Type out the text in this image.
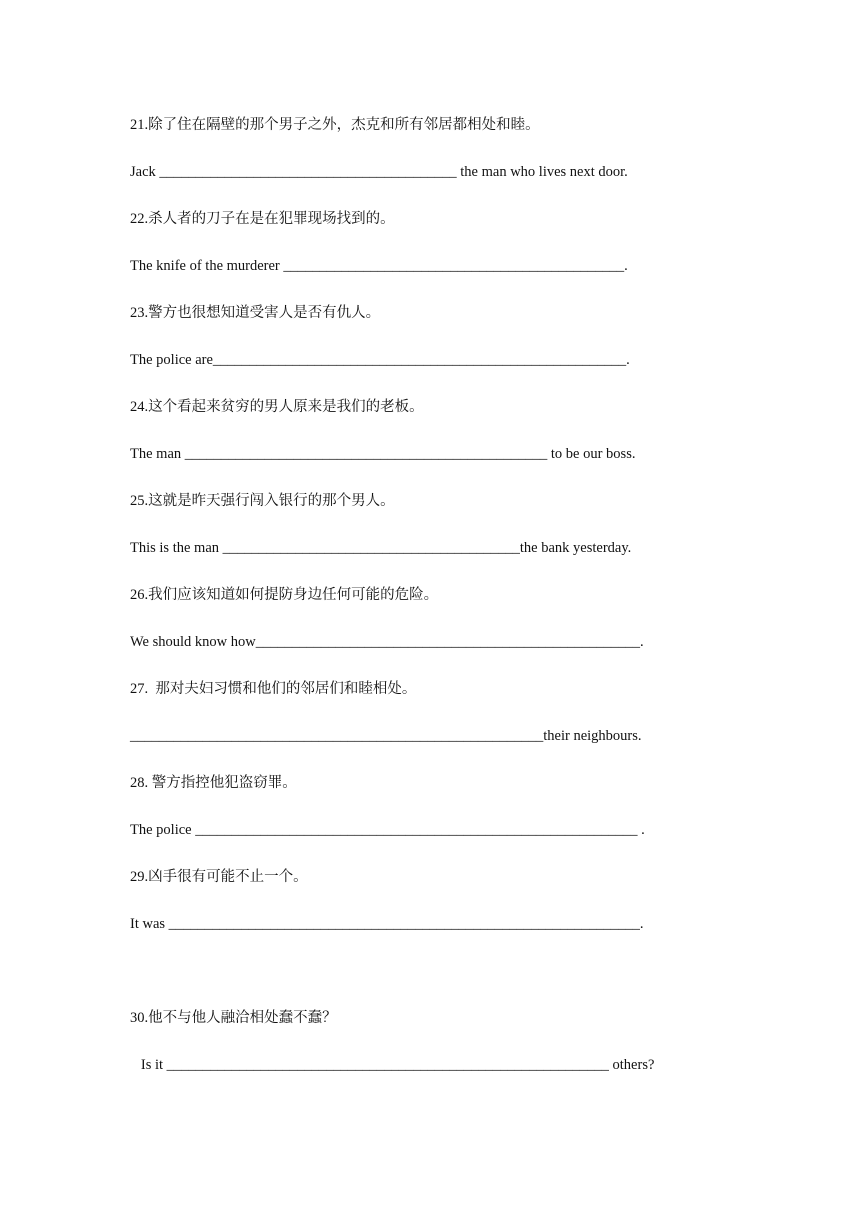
21.除了住在隔壁的那个男子之外，杰克和所有邻居都相处和睦。
Jack _________________________________________ the man who lives next door.
22.杀人者的刀子在是在犯罪现场找到的。
The knife of the murderer _______________________________________________.
23.警方也很想知道受害人是否有仇人。
The police are_________________________________________________________.
24.这个看起来贫穷的男人原来是我们的老板。
The man __________________________________________________ to be our boss.
25.这就是昨天强行闯入银行的那个男人。
This is the man _________________________________________the bank yesterday.
26.我们应该知道如何提防身边任何可能的危险。
We should know how_____________________________________________________.
27.  那对夫妇习惯和他们的邻居们和睦相处。
_________________________________________________________their neighbours.
28. 警方指控他犯盗窃罪。
The police _____________________________________________________________ .
29.凶手很有可能不止一个。
It was _________________________________________________________________.
30.他不与他人融洽相处蠢不蠢？
Is it _____________________________________________________________ others?
